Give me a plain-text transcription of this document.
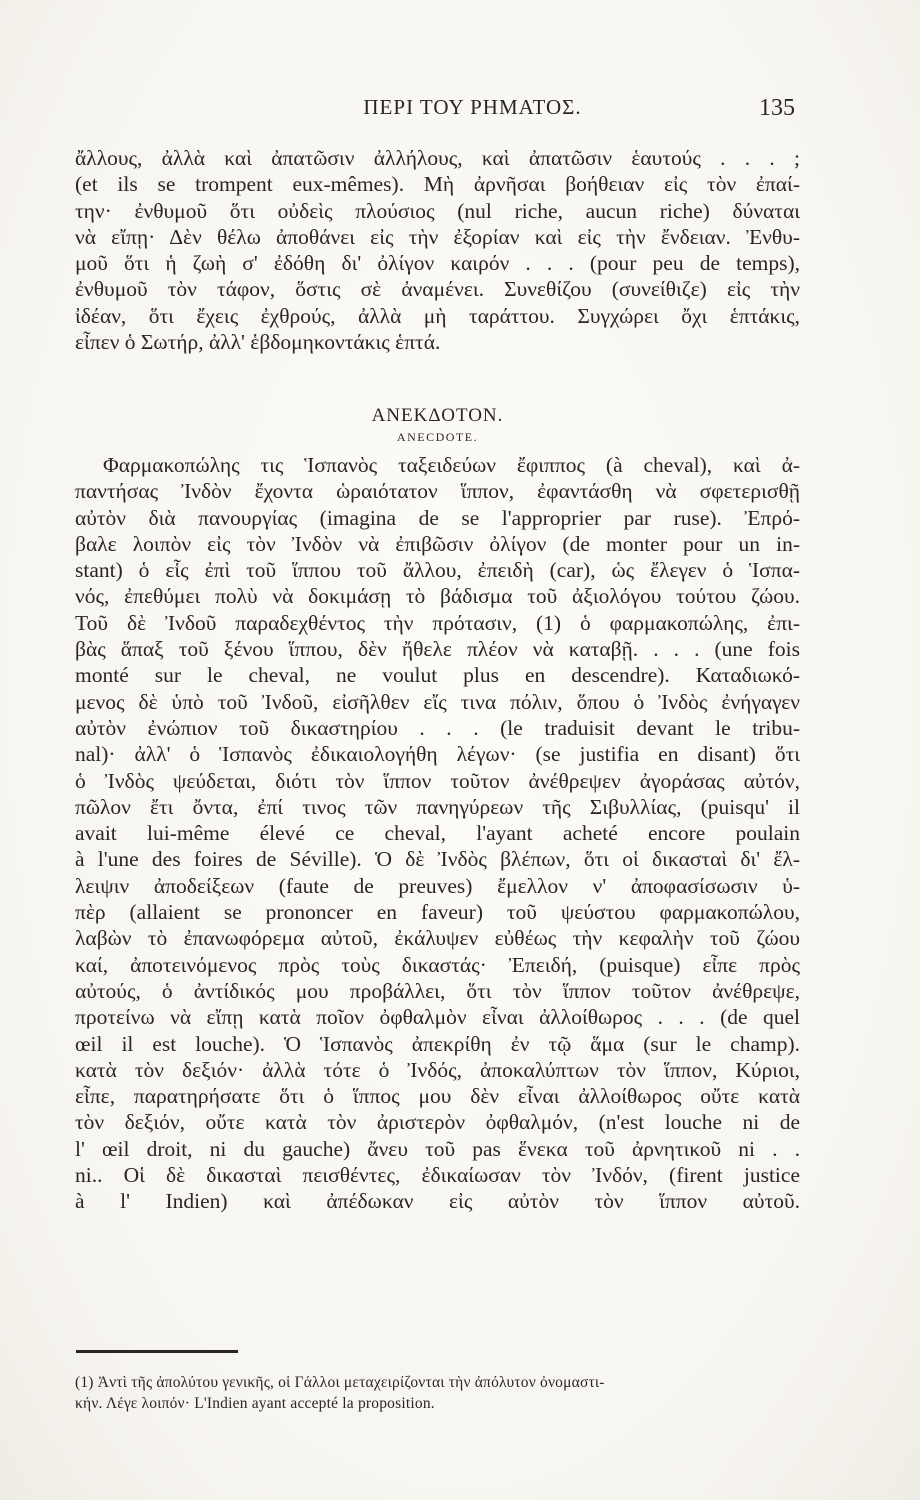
ΠΕΡΙ ΤΟΥ ΡΗΜΑΤΟΣ.	135
ἄλλους, ἀλλὰ καὶ ἀπατῶσιν ἀλλήλους, καὶ ἀπατῶσιν ἑαυτούς . . . ;
(et ils se trompent eux-mêmes). Μὴ ἀρνῆσαι βοήθειαν εἰς τὸν ἐπαί-
την· ἐνθυμοῦ ὅτι οὐδεὶς πλούσιος (nul riche, aucun riche) δύναται
νὰ εἴπῃ· Δὲν θέλω ἀποθάνει εἰς τὴν ἐξορίαν καὶ εἰς τὴν ἔνδειαν. Ἐνθυ-
μοῦ ὅτι ἡ ζωὴ σ' ἐδόθη δι' ὀλίγον καιρόν . . . (pour peu de temps),
ἐνθυμοῦ τὸν τάφον, ὅστις σὲ ἀναμένει. Συνεθίζου (συνείθιζε) εἰς τὴν
ἰδέαν, ὅτι ἔχεις ἐχθρούς, ἀλλὰ μὴ ταράττου. Συγχώρει ὄχι ἑπτάκις,
εἶπεν ὁ Σωτήρ, ἀλλ' ἑβδομηκοντάκις ἑπτά.
ΑΝΕΚΔΟΤΟΝ.
ANECDOTE.
Φαρμακοπώλης τις Ἱσπανὸς ταξειδεύων ἔφιππος (à cheval), καὶ ἀ-
παντήσας Ἰνδὸν ἔχοντα ὡραιότατον ἵππον, ἐφαντάσθη νὰ σφετερισθῇ
αὐτὸν διὰ πανουργίας (imagina de se l'approprier par ruse). Ἐπρό-
βαλε λοιπὸν εἰς τὸν Ἰνδὸν νὰ ἐπιβῶσιν ὀλίγον (de monter pour un in-
stant) ὁ εἷς ἐπὶ τοῦ ἵππου τοῦ ἄλλου, ἐπειδὴ (car), ὡς ἔλεγεν ὁ Ἱσπα-
νός, ἐπεθύμει πολὺ νὰ δοκιμάσῃ τὸ βάδισμα τοῦ ἀξιολόγου τούτου ζώου.
Τοῦ δὲ Ἰνδοῦ παραδεχθέντος τὴν πρότασιν, (1) ὁ φαρμακοπώλης, ἐπι-
βὰς ἅπαξ τοῦ ξένου ἵππου, δὲν ἤθελε πλέον νὰ καταβῇ. . . . (une fois
monté sur le cheval, ne voulut plus en descendre). Καταδιωκό-
μενος δὲ ὑπὸ τοῦ Ἰνδοῦ, εἰσῆλθεν εἴς τινα πόλιν, ὅπου ὁ Ἰνδὸς ἐνήγαγεν
αὐτὸν ἐνώπιον τοῦ δικαστηρίου . . . (le traduisit devant le tribu-
nal)· ἀλλ' ὁ Ἱσπανὸς ἐδικαιολογήθη λέγων· (se justifia en disant) ὅτι
ὁ Ἰνδὸς ψεύδεται, διότι τὸν ἵππον τοῦτον ἀνέθρεψεν ἀγοράσας αὐτόν,
πῶλον ἔτι ὄντα, ἐπί τινος τῶν πανηγύρεων τῆς Σιβυλλίας, (puisqu' il
avait lui-même élevé ce cheval, l'ayant acheté encore poulain
à l'une des foires de Séville). Ὁ δὲ Ἰνδὸς βλέπων, ὅτι οἱ δικασταὶ δι' ἔλ-
λειψιν ἀποδείξεων (faute de preuves) ἔμελλον ν' ἀποφασίσωσιν ὑ-
πὲρ (allaient se prononcer en faveur) τοῦ ψεύστου φαρμακοπώλου,
λαβὼν τὸ ἐπανωφόρεμα αὐτοῦ, ἐκάλυψεν εὐθέως τὴν κεφαλὴν τοῦ ζώου
καί, ἀποτεινόμενος πρὸς τοὺς δικαστάς· Ἐπειδή, (puisque) εἶπε πρὸς
αὐτούς, ὁ ἀντίδικός μου προβάλλει, ὅτι τὸν ἵππον τοῦτον ἀνέθρεψε,
προτείνω νὰ εἴπῃ κατὰ ποῖον ὀφθαλμὸν εἶναι ἀλλοίθωρος . . . (de quel
œil il est louche). Ὁ Ἱσπανὸς ἀπεκρίθη ἐν τῷ ἅμα (sur le champ).
κατὰ τὸν δεξιόν· ἀλλὰ τότε ὁ Ἰνδός, ἀποκαλύπτων τὸν ἵππον, Κύριοι,
εἶπε, παρατηρήσατε ὅτι ὁ ἵππος μου δὲν εἶναι ἀλλοίθωρος οὔτε κατὰ
τὸν δεξιόν, οὔτε κατὰ τὸν ἀριστερὸν ὀφθαλμόν, (n'est louche ni de
l' œil droit, ni du gauche) ἄνευ τοῦ pas ἕνεκα τοῦ ἀρνητικοῦ ni . .
ni.. Οἱ δὲ δικασταὶ πεισθέντες, ἐδικαίωσαν τὸν Ἰνδόν, (firent justice
à l' Indien) καὶ ἀπέδωκαν εἰς αὐτὸν τὸν ἵππον αὐτοῦ.
(1) Ἀντὶ τῆς ἀπολύτου γενικῆς, οἱ Γάλλοι μεταχειρίζονται τὴν ἀπόλυτον ὀνομαστι-
κήν. Λέγε λοιπόν· L'Indien ayant accepté la proposition.
